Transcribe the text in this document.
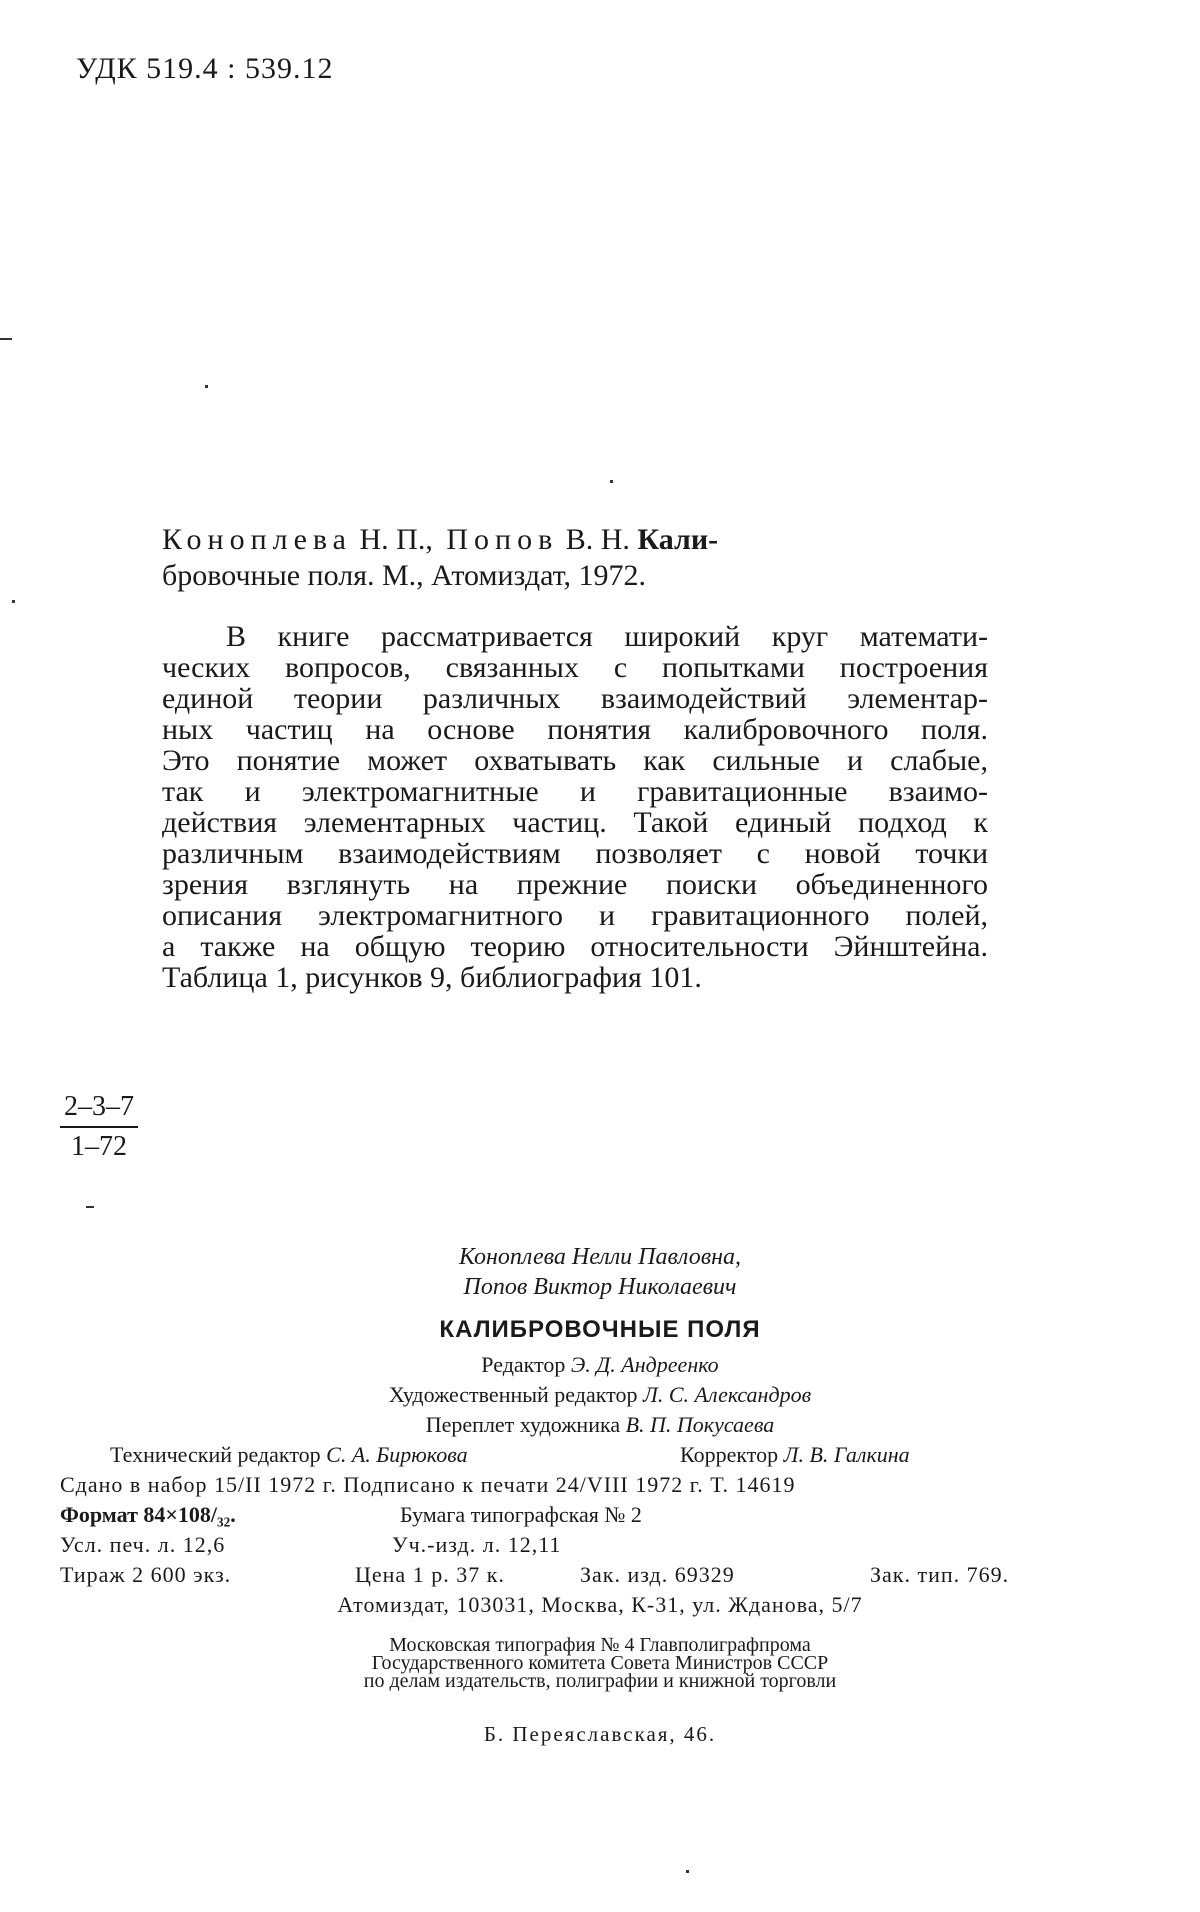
УДК 519.4 : 539.12
Коноплева Н. П., Попов В. Н. Кали-
бровочные поля. М., Атомиздат, 1972.
В книге рассматривается широкий круг математи-
ческих вопросов, связанных с попытками построения
единой теории различных взаимодействий элементар-
ных частиц на основе понятия калибровочного поля.
Это понятие может охватывать как сильные и слабые,
так и электромагнитные и гравитационные взаимо-
действия элементарных частиц. Такой единый подход к
различным взаимодействиям позволяет с новой точки
зрения взглянуть на прежние поиски объединенного
описания электромагнитного и гравитационного полей,
а также на общую теорию относительности Эйнштейна.
Таблица 1, рисунков 9, библиография 101.
2–3–7
1–72
Коноплева Нелли Павловна,
Попов Виктор Николаевич
КАЛИБРОВОЧНЫЕ ПОЛЯ
Редактор Э. Д. Андреенко
Художественный редактор Л. С. Александров
Переплет художника В. П. Покусаева
Технический редактор С. А. Бирюкова	Корректор Л. В. Галкина
Сдано в набор 15/II 1972 г. Подписано к печати 24/VIII 1972 г. Т. 14619
Формат 84×108/₃₂.	Бумага типографская № 2
Усл. печ. л. 12,6	Уч.-изд. л. 12,11
Тираж 2 600 экз.	Цена 1 р. 37 к.	Зак. изд. 69329	Зак. тип. 769.
Атомиздат, 103031, Москва, К-31, ул. Жданова, 5/7
Московская типография № 4 Главполиграфпрома
Государственного комитета Совета Министров СССР
по делам издательств, полиграфии и книжной торговли
Б. Переяславская, 46.
